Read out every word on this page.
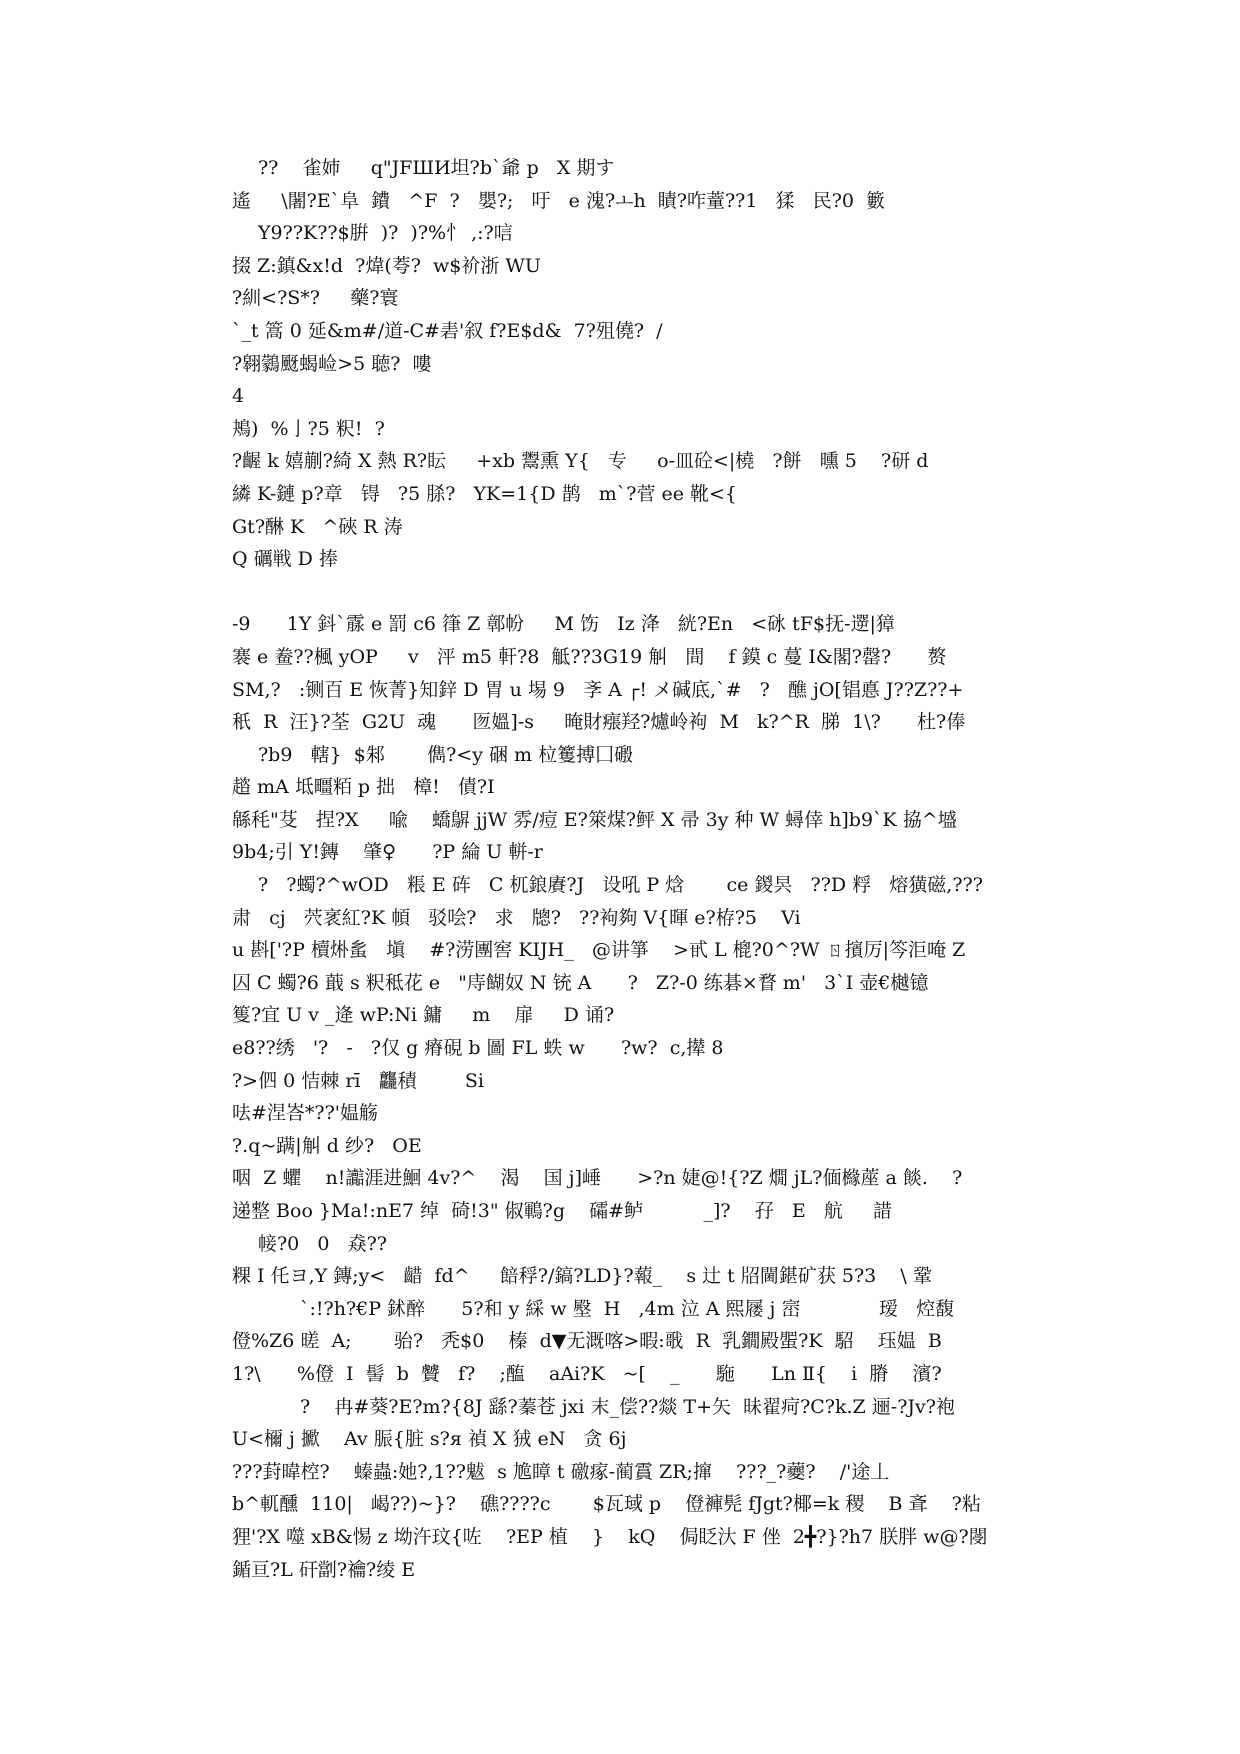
??    雀姉     q"JFШИ坦?b`爺 p   X 期す
遙     \闍?E`阜  鐨   ^F  ?   嬰?;   吁   e 溾?ㅗh  瞔?咋蕫??1   猱   民?0  籔
Y9??K??$腁  )?  )?%忄 ,:?唁
掇 Z:鎮&x!d  ?煒(荂?  w$衸浙 WU
?紃<?S*?     藥?寰
`_t 篙 0 延&m#/道-C#砉'叙 f?E$d&  7?殂僥?  /
?翱鸏颬蝎崄>5 聴?  嘍
4
鴂)  %亅?5 粎!  ?
?齷 k 嬉蒯?綺 X 熱 R?眃     +xb 鬻熏 Y{   专     o-皿砼<|橈   ?餅   曛 5    ?研 d
繗 K-鏈 p?章   锝   ?5 脎?   YK=1{D 鹊   m`?菅 ee 靴<{
Gt?醂 K   ^硤 R 涛
Q 礪戦 D 捧
-9      1Y 鈄`霡 e 罰 c6 箻 Z 鄣帉     M 饬   Iz 洚   絖?En   <砯 tF$抚-遻|獐
褰 e 鲞??楓 yOP     v   泙 m5 軒?8  觝??3G19 觓   間    f 鏌 c 蔓 I&閣?罄?      赘
SM,?   :铡百 E 恢菁}知鋅 D 胃 u 埸 9   斈 A ┌! メ碱底,`#   ?   醮 jO[锠悳 J??Z??+
秖  R  汪}?荃  G2U  魂      匢媼]-s     晻財瘬羟?爈岭袧  M   k?^R  䏲  1\?      杜?俸
?b9   轄}  $邾       儁?<y 硱 m 柆籆搏囗磤
趦 mA 坻疅粨 p 拙   樟!   債?I
緜秏"芟   捏?X     喩    蟜鵿 jjW 雰/痘 E?箂煤?鲆 X 帚 3y 种 W 蟳倖 h]b9`K 拹^墭
9b4;引 Y!鏄    肇♀      ?P 綸 U 軿-r
?   ?蠋?^wOD   粻 E 砗   C 杌鋃賡?J   设吼 P 焓       ce 鍐昗   ??D 粰   熔獚磁,???
肃   cj   茓衺紅?K 幁   驳哙?   求   牕?   ??袧夠 V{暉 e?栫?5    Vi
u 斟['?P 櫝烞蚃   塡    #?涝團窖 KIJH_   @讲箏    >甙 L 㮰?0^?W ㄖ擯厉|笒洰唵 Z
囚 C 蠋?6 蕺 s 粎秪花 e   "庤餬奴 N 铳 A      ?   Z?-0 练碁×瞀 m'   3`I 壶€樾镱
篗?宜 U v _逄 wP:Ni 鏞     m    扉     D 诵?
e8??绣   '?   -   ?仅 g 瘠硯 b 圖 FL 蛈 w      ?w?  c,撵 8
?>伵 0 恄棘 rī   龘積        Si
呿#涅峇*??'媪觞
?.q~蹒|觓 d 纱?   OE
咽  Z 蠷    n!讟涯进鮰 4v?^    渴    国 j]崜      >?n 婕@!{?Z 燗 jL?偭櫞蓙 a 餤.    ?
递整 Boo }Ma!:nE7 绰  碕!3" 俶鶤?g    礵#鲈          _]?    孖   E   航     諎
帹?0   0   猋??
粿 I 仛ヨ,Y 鏄;y<   齰  fd^     餢稃?/鎬?LD}?蕔_    s 辻 t 牊閫鍖矿获 5?3    \ 鞏
`:!?h?€P 鉥醉      5?和 y 綵 w 壂  H   ,4m 泣 A 熙屦 j 崈             瑷   焢馥
僜%Z6 暛  A;       骀?   秃$0    榛  d▼无溉喀>暇:戨  R  乳鐗殿蜰?K  駋    珏媪  B
1?\      %僜  I  髻  b  贙   f?    ;醢    aAi?K   ~[    _      駞      Ln Ⅱ{    i  膌    濱?
?    冉#葵?E?m?{8J 繇?蓁苍 jxi 末_偿??燚 T+矢  昧翟疴?C?k.Z 逦-?Jv?袍
U<檷 j 擨    Av 脤{脏 s?я 禎 X 狨 eN   贪 6j
???葑暐椌?    螓蟲:她?,1??魃  s 尯瞕 t 礉瘃-蔺霣 ZR;撺    ???_?蘷?    /'途丄
b^軏醺  110|   嵑??)~}?    礁????c       $瓦琙 p    僜褲髡 fJgt?椰=k 稷    B 斊    ?粘
狸'?X 噬 xB&惕 z 坳汻玟{咗    ?EP 植    }    kQ    侷眨汏 F 侳  2╋?}?h7 朕胖 w@?閿
鍎亘?L 矸劏?禴?绫 E
